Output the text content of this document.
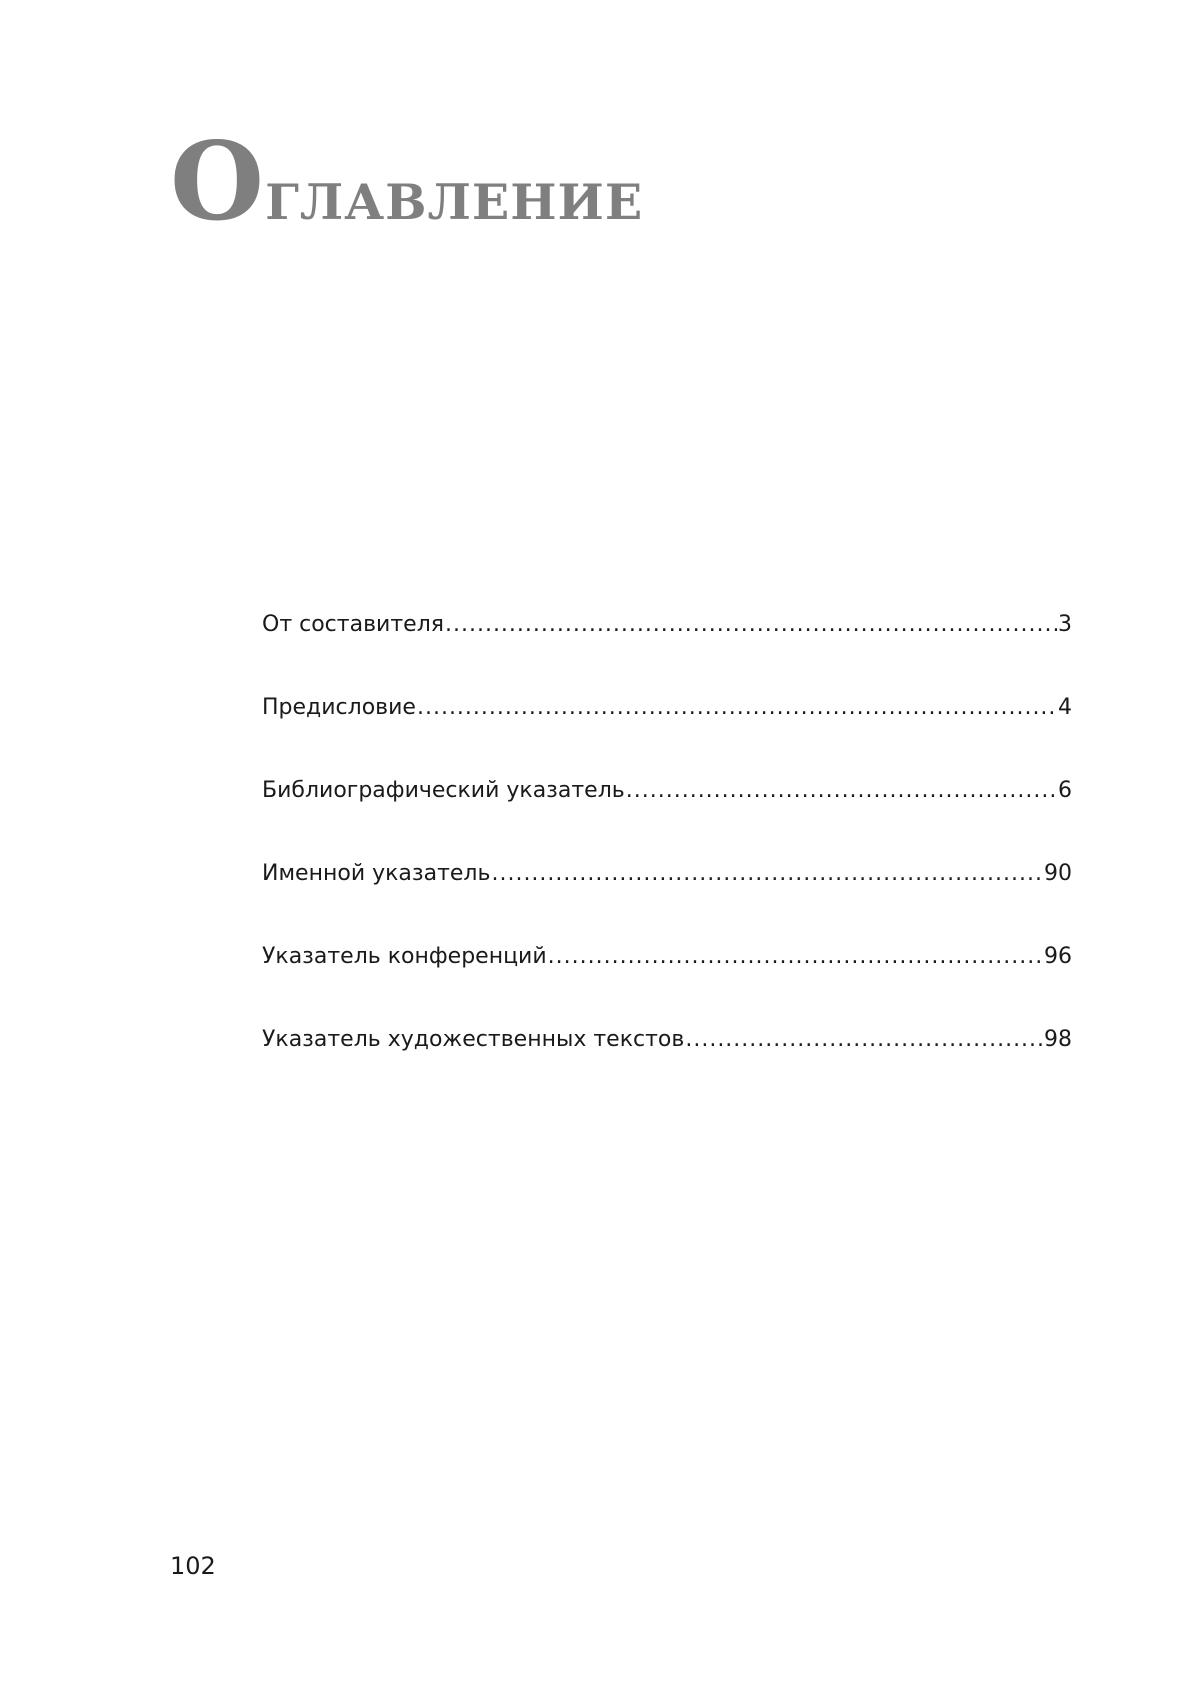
Оглавление
От составителя .....	3
Предисловие .....	4
Библиографический указатель .....	6
Именной указатель .....	90
Указатель конференций .....	96
Указатель художественных текстов .....	98
102
